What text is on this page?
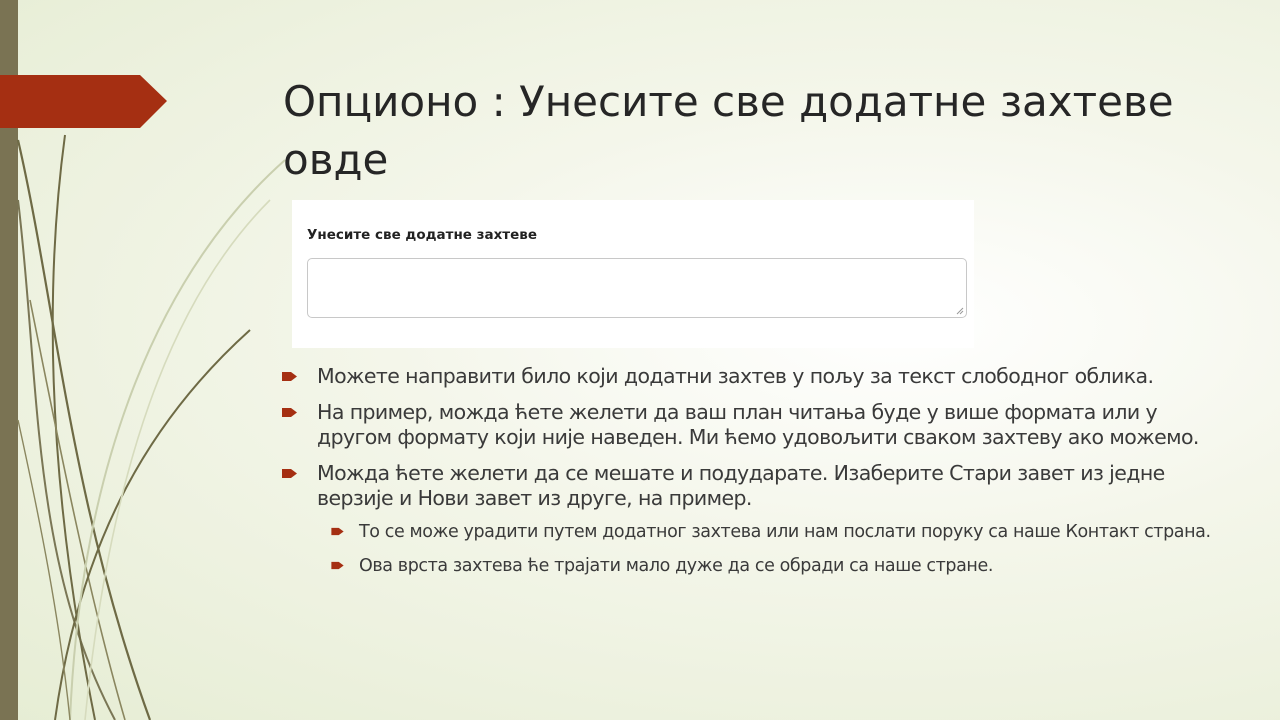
Опционо : Унесите све додатне захтеве овде
Унесите све додатне захтеве
Можете направити било који додатни захтев у пољу за текст слободног облика.
На пример, можда ћете желети да ваш план читања буде у више формата или у другом формату који није наведен. Ми ћемо удовољити сваком захтеву ако можемо.
Можда ћете желети да се мешате и подударате. Изаберите Стари завет из једне верзије и Нови завет из друге, на пример.
То се може урадити путем додатног захтева или нам послати поруку са наше Контакт страна.
Ова врста захтева ће трајати мало дуже да се обради са наше стране.
